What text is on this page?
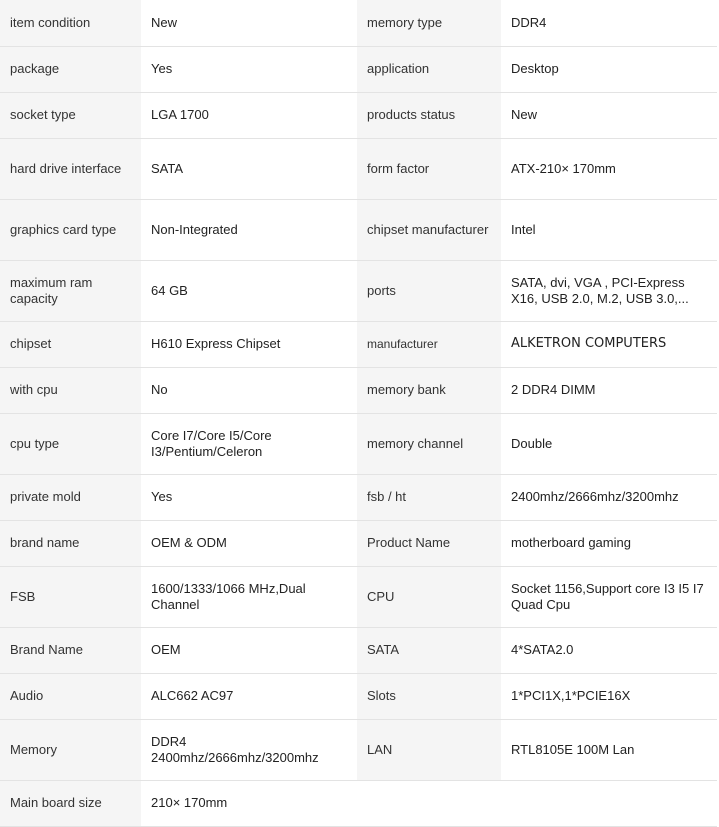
item condition	New	memory type	DDR4
package	Yes	application	Desktop
socket type	LGA 1700	products status	New
hard drive interface	SATA	form factor	ATX-210× 170mm
graphics card type	Non-Integrated	chipset manufacturer	Intel
maximum ram capacity	64 GB	ports	SATA, dvi, VGA , PCI-Express X16, USB 2.0, M.2, USB 3.0,...
chipset	H610 Express Chipset	manufacturer	ALKETRON COMPUTERS
with cpu	No	memory bank	2 DDR4 DIMM
cpu type	Core I7/Core I5/Core I3/Pentium/Celeron	memory channel	Double
private mold	Yes	fsb / ht	2400mhz/2666mhz/3200mhz

brand name	OEM & ODM	Product Name	motherboard gaming
FSB	1600/1333/1066 MHz,Dual Channel	CPU	Socket 1156,Support core I3 I5 I7 Quad Cpu
Brand Name	OEM	SATA	4*SATA2.0
Audio	ALC662 AC97	Slots	1*PCI1X,1*PCIE16X
Memory	DDR4 2400mhz/2666mhz/3200mhz	LAN	RTL8105E 100M Lan
Main board size	210× 170mm		
